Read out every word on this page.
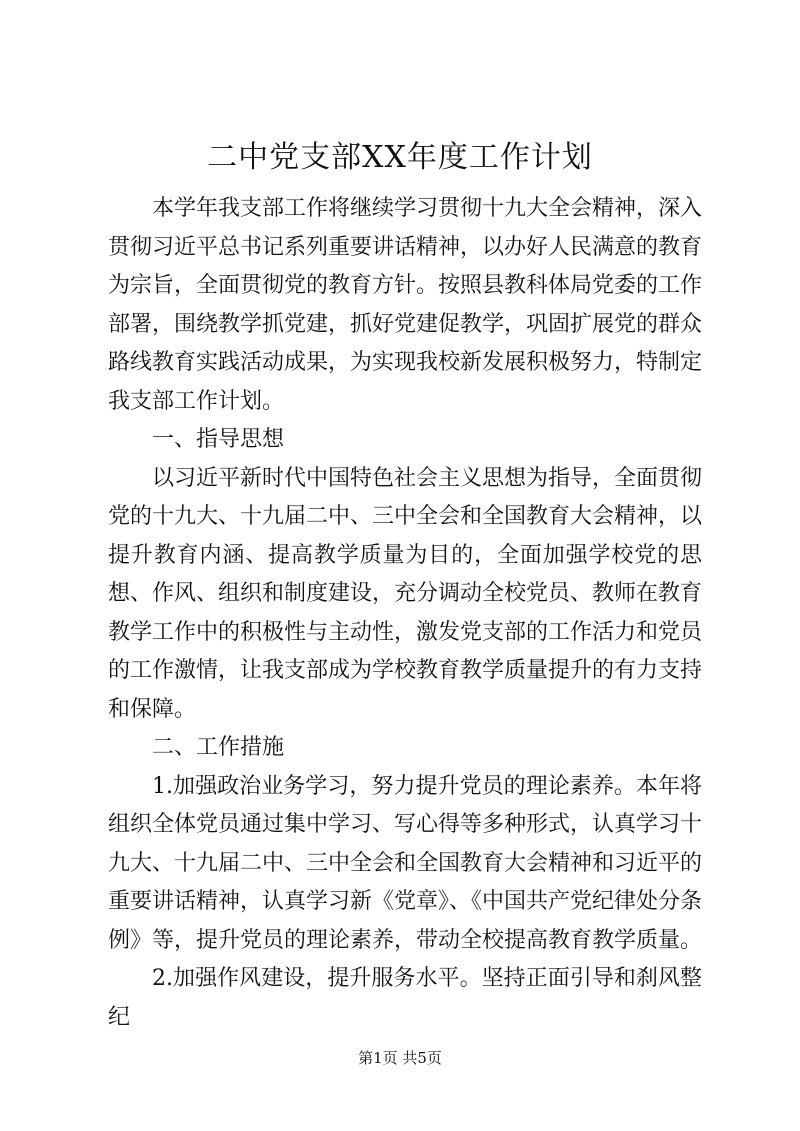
二中党支部XX年度工作计划

本学年我支部工作将继续学习贯彻十九大全会精神，深入贯彻习近平总书记系列重要讲话精神，以办好人民满意的教育为宗旨，全面贯彻党的教育方针。按照县教科体局党委的工作部署，围绕教学抓党建，抓好党建促教学，巩固扩展党的群众路线教育实践活动成果，为实现我校新发展积极努力，特制定我支部工作计划。

一、指导思想

以习近平新时代中国特色社会主义思想为指导，全面贯彻党的十九大、十九届二中、三中全会和全国教育大会精神，以提升教育内涵、提高教学质量为目的，全面加强学校党的思想、作风、组织和制度建设，充分调动全校党员、教师在教育教学工作中的积极性与主动性，激发党支部的工作活力和党员的工作激情，让我支部成为学校教育教学质量提升的有力支持和保障。

二、工作措施

1.加强政治业务学习，努力提升党员的理论素养。本年将组织全体党员通过集中学习、写心得等多种形式，认真学习十九大、十九届二中、三中全会和全国教育大会精神和习近平的重要讲话精神，认真学习新《党章》、《中国共产党纪律处分条例》等，提升党员的理论素养，带动全校提高教育教学质量。

2.加强作风建设，提升服务水平。坚持正面引导和刹风整纪

第1页 共5页
